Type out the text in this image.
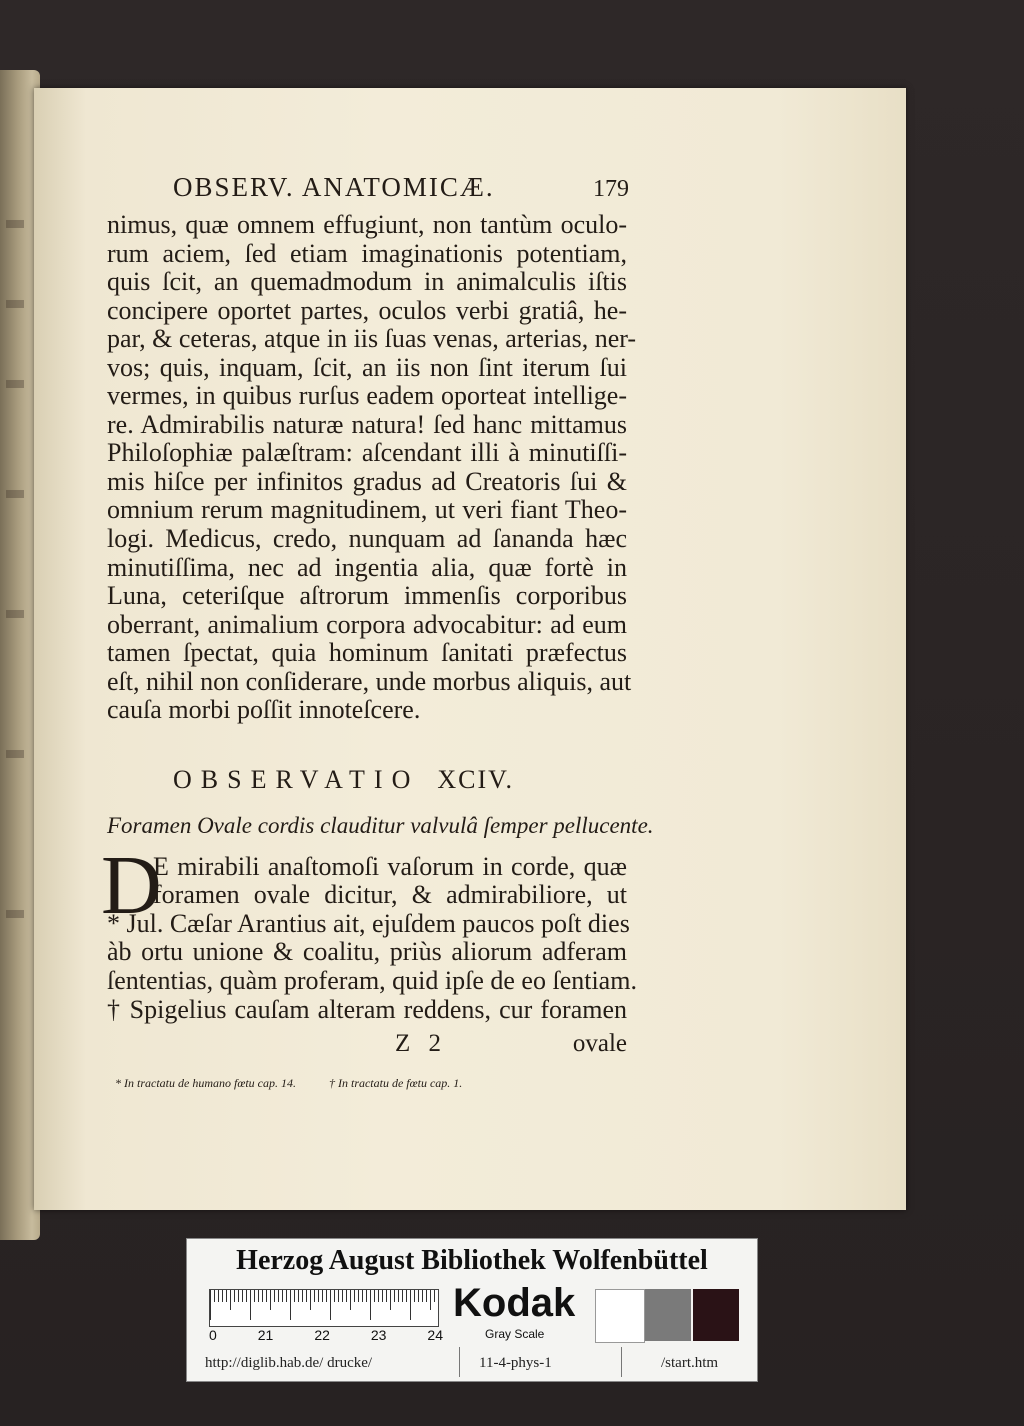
OBSERV. ANATOMICÆ.	179
nimus, quæ omnem effugiunt, non tantùm oculo-
rum aciem, ſed etiam imaginationis potentiam,
quis ſcit, an quemadmodum in animalculis iſtis
concipere oportet partes, oculos verbi gratiâ, he-
par, & ceteras, atque in iis ſuas venas, arterias, ner-
vos; quis, inquam, ſcit, an iis non ſint iterum ſui
vermes, in quibus rurſus eadem oporteat intellige-
re. Admirabilis naturæ natura! ſed hanc mittamus
Philoſophiæ palæſtram: aſcendant illi à minutiſſi-
mis hiſce per infinitos gradus ad Creatoris ſui &
omnium rerum magnitudinem, ut veri fiant Theo-
logi. Medicus, credo, nunquam ad ſananda hæc
minutiſſima, nec ad ingentia alia, quæ fortè in
Luna, ceteriſque aſtrorum immenſis corporibus
oberrant, animalium corpora advocabitur: ad eum
tamen ſpectat, quia hominum ſanitati præfectus
eſt, nihil non conſiderare, unde morbus aliquis, aut
cauſa morbi poſſit innoteſcere.
OBSERVATIO XCIV.
Foramen Ovale cordis clauditur valvulâ ſemper pellucente.
D
E mirabili anaſtomoſi vaſorum in corde, quæ
foramen ovale dicitur, & admirabiliore, ut
* Jul. Cæſar Arantius ait, ejuſdem paucos poſt dies
àb ortu unione & coalitu, priùs aliorum adferam
ſententias, quàm proferam, quid ipſe de eo ſentiam.
† Spigelius cauſam alteram reddens, cur foramen
Z 2	ovale
* In tractatu de humano fœtu cap. 14.	† In tractatu de fœtu cap. 1.
Herzog August Bibliothek Wolfenbüttel
0	21	22	23	24
Kodak
Gray Scale
http://diglib.hab.de/ drucke/	11-4-phys-1	/start.htm
